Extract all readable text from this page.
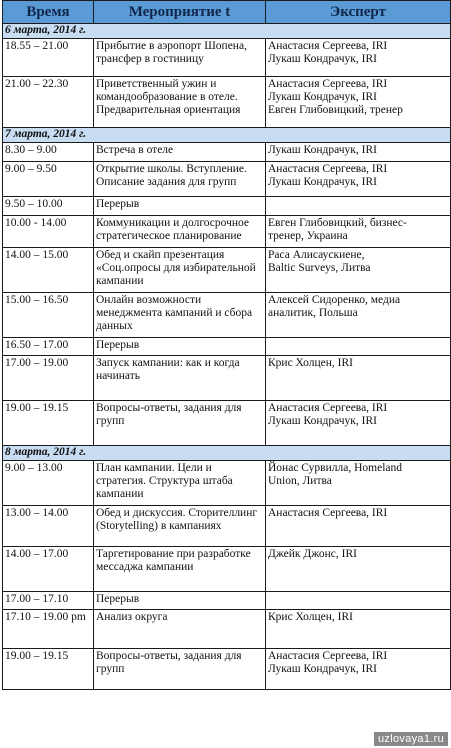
Время	Мероприятие t	Эксперт
6 марта, 2014 г.		
18.55 – 21.00	Прибытие в аэропорт Шопена,
трансфер в гостиницу	Анастасия Сергеева, IRI
Лукаш Кондрачук, IRI
21.00 – 22.30	Приветственный ужин и
командообразование в отеле.
Предварительная ориентация	Анастасия Сергеева, IRI
Лукаш Кондрачук, IRI
Евген Глибовицкий, тренер
7 марта, 2014 г.		
8.30 – 9.00	Встреча в отеле	Лукаш Кондрачук, IRI
9.00 – 9.50	Открытие школы. Вступление.
Описание задания для групп	Анастасия Сергеева, IRI
Лукаш Кондрачук, IRI
9.50 – 10.00	Перерыв	
10.00 - 14.00	Коммуникации и долгосрочное
стратегическое планирование	Евген Глибовицкий, бизнес-
тренер, Украина
14.00 – 15.00	Обед и скайп презентация
«Соц.опросы для избирательной
кампании	Раса Алисаускиене,
Baltic Surveys, Литва
15.00 – 16.50	Онлайн возможности
менеджмента кампаний и сбора
данных	Алексей Сидоренко, медиа
аналитик, Польша
16.50 – 17.00	Перерыв	
17.00 – 19.00	Запуск кампании: как и когда
начинать	Крис Холцен, IRI
19.00 – 19.15	Вопросы-ответы, задания для
групп	Анастасия Сергеева, IRI
Лукаш Кондрачук, IRI
8 марта, 2014 г.		
9.00 – 13.00	План кампании. Цели и
стратегия. Структура штаба
кампании	Йонас Сурвилла, Homeland
Union, Литва
13.00 – 14.00	Обед и дискуссия. Сторителлинг
(Storytelling) в кампаниях	Анастасия Сергеева, IRI
14.00 – 17.00	Таргетирование при разработке
мессаджа кампании	Джейк Джонс, IRI
17.00 – 17.10	Перерыв	
17.10 – 19.00 pm	Анализ округа	Крис Холцен, IRI
19.00 – 19.15	Вопросы-ответы, задания для
групп	Анастасия Сергеева, IRI
Лукаш Кондрачук, IRI
uzlovaya1.ru
